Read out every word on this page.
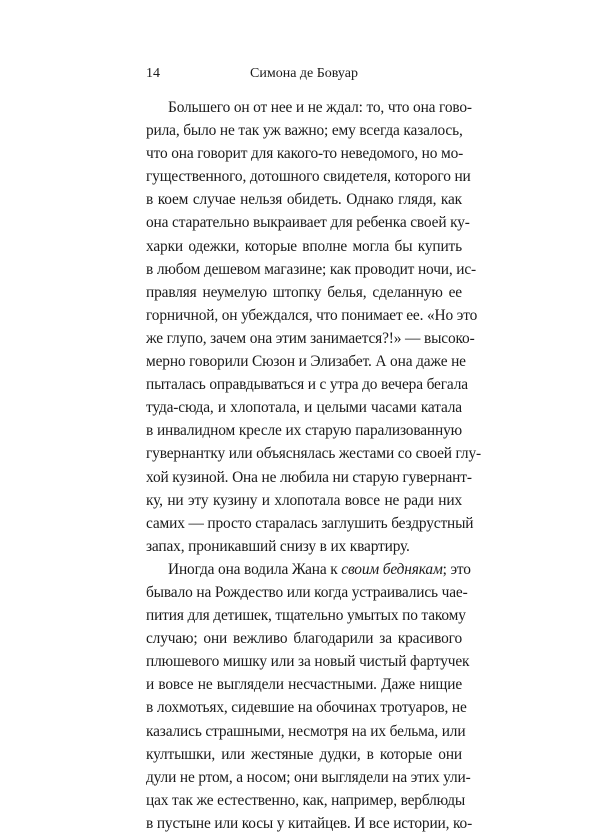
14	Симона де Бовуар
Большего он от нее и не ждал: то, что она гово-
рила, было не так уж важно; ему всегда казалось,
что она говорит для какого-то неведомого, но мо-
гущественного, дотошного свидетеля, которого ни
в коем случае нельзя обидеть. Однако глядя, как
она старательно выкраивает для ребенка своей ку-
харки одежки, которые вполне могла бы купить
в любом дешевом магазине; как проводит ночи, ис-
правляя неумелую штопку белья, сделанную ее
горничной, он убеждался, что понимает ее. «Но это
же глупо, зачем она этим занимается?!» — высоко-
мерно говорили Сюзон и Элизабет. А она даже не
пыталась оправдываться и с утра до вечера бегала
туда-сюда, и хлопотала, и целыми часами катала
в инвалидном кресле их старую парализованную
гувернантку или объяснялась жестами со своей глу-
хой кузиной. Она не любила ни старую гувернант-
ку, ни эту кузину и хлопотала вовсе не ради них
самих — просто старалась заглушить бездрустный
запах, проникавший снизу в их квартиру.
Иногда она водила Жана к своим беднякам; это
бывало на Рождество или когда устраивались чае-
пития для детишек, тщательно умытых по такому
случаю; они вежливо благодарили за красивого
плюшевого мишку или за новый чистый фартучек
и вовсе не выглядели несчастными. Даже нищие
в лохмотьях, сидевшие на обочинах тротуаров, не
казались страшными, несмотря на их бельма, или
култышки, или жестяные дудки, в которые они
дули не ртом, а носом; они выглядели на этих ули-
цах так же естественно, как, например, верблюды
в пустыне или косы у китайцев. И все истории, ко-
